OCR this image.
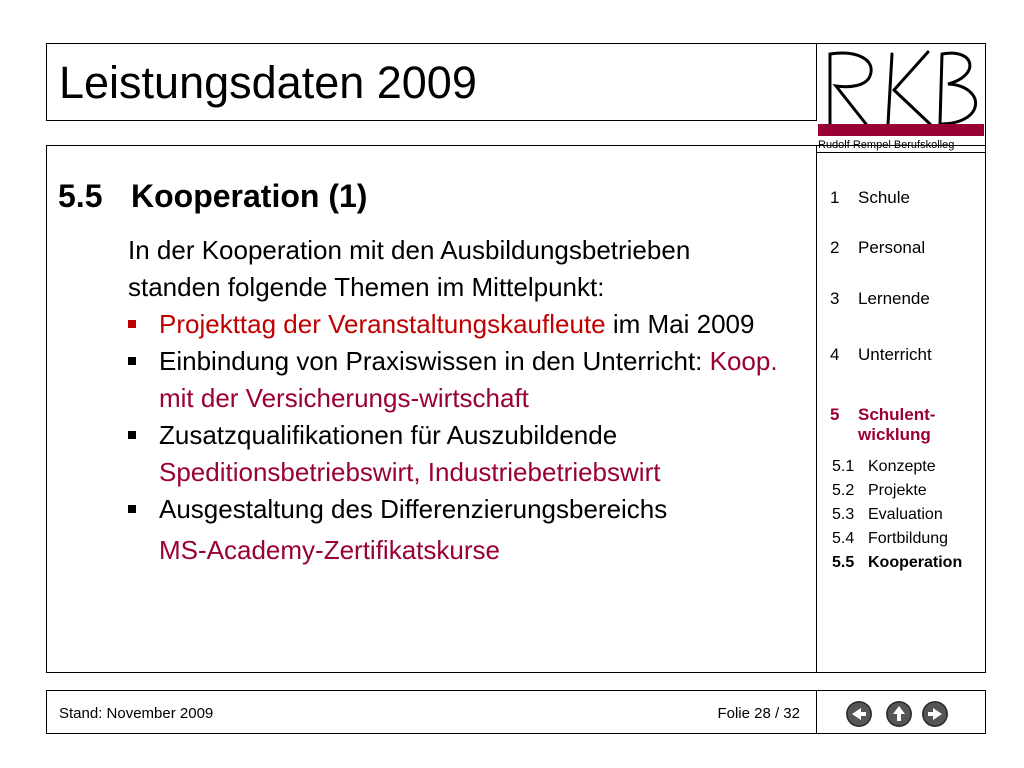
Leistungsdaten 2009
Rudolf Rempel Berufskolleg
5.5 Kooperation (1)

In der Kooperation mit den Ausbildungsbetrieben

standen folgende Themen im Mittelpunkt:

Projekttag der Veranstaltungskaufleute im Mai 2009
Einbindung von Praxiswissen in den Unterricht: Koop. mit der Versicherungs-wirtschaft
Zusatzqualifikationen für Auszubildende
Speditionsbetriebswirt, Industriebetriebswirt
Ausgestaltung des Differenzierungsbereichs
MS-Academy-Zertifikatskurse
1 Schule
2 Personal
3 Lernende
4 Unterricht
5 Schulent-
wicklung
5.1 Konzepte
5.2 Projekte
5.3 Evaluation
5.4 Fortbildung
5.5 Kooperation
Stand: November 2009	Folie 28 / 32
